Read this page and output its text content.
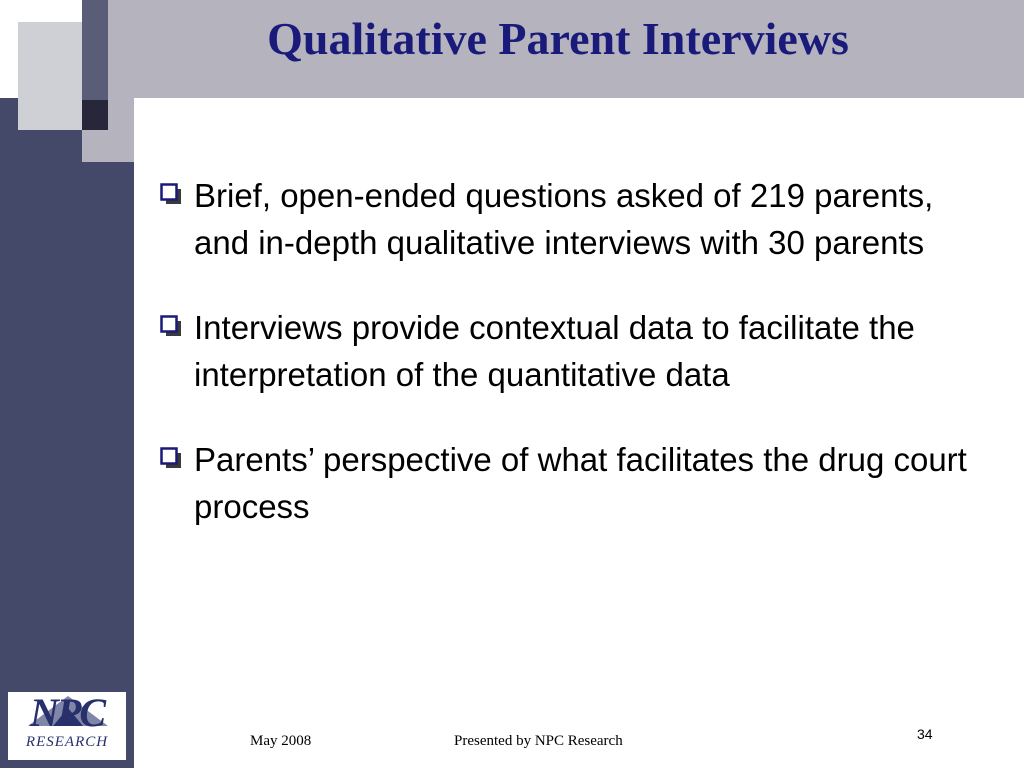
Qualitative Parent Interviews
Brief, open-ended questions asked of 219 parents, and in-depth qualitative interviews with 30 parents
Interviews provide contextual data to facilitate the interpretation of the quantitative data
Parents’ perspective of what facilitates the drug court process
NPC
RESEARCH	May 2008	Presented by NPC Research	34
